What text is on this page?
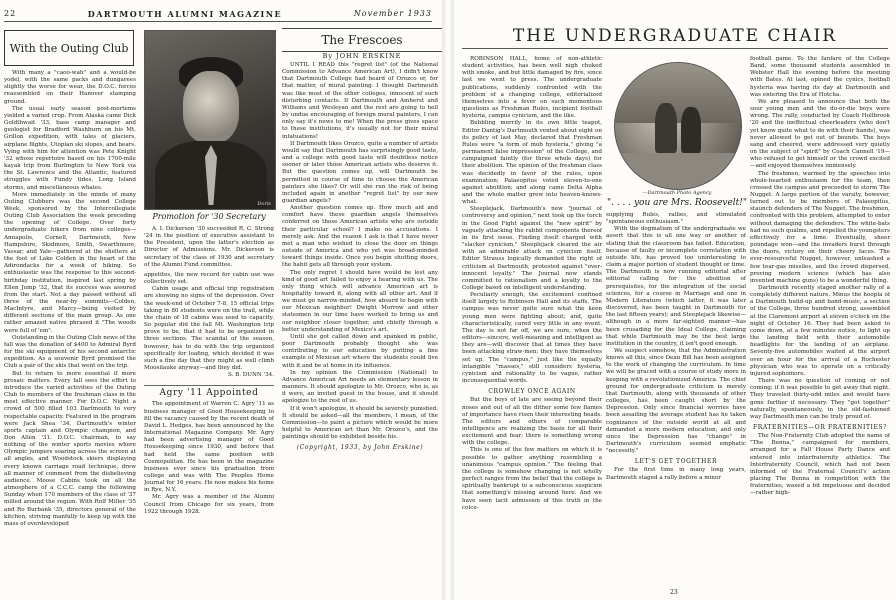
22	DARTMOUTH ALUMNI MAGAZINE	November 1933
With the Outing Club

With many a "caoo-wah" and a would-be yodel, with the same packs and dungarees slightly the worse for wear, the D.O.C. forces reassembled on their Hanover stamping ground.

The usual early season post-mortems yielded a varied crop. From Alaska came Dick Goldthwait '33, base camp manager and geologist for Bradford Washburn on his Mt. Grillon expedition, with tales of glaciers, airplane flights, Utopian ski slopes, and bears. Vying with him for attention was Pete Knight '32 whose repertoire based on his 1700-mile kayak trip from Burlington to New York via the St. Lawrence and the Atlantic, featured struggles with Fundy tides, Long Island storms, and miscellaneous whales.

More immediately in the minds of many Outing Clubbers was the second College Week, sponsored by the Intercollegiate Outing Club Association the week preceding the opening of College. Over forty undergraduate hikers from nine colleges—Annapolis, Cornell, Dartmouth, New Hampshire, Skidmore, Smith, Swarthmore, Vassar, and Yale—gathered at the shelters at the foot of Lake Colden in the heart of the Adirondacks for a week of hiking. So enthusiastic was the response to this second-birthday institution, inspired last spring by Ellen Jump '32, that its success was assured from the start. Not a day passed without all three of the near-by summits—Colden, MacIntyre, and Marcy—being visited by different sections of the main group. As one rather amazed native phrased it "The woods were full of 'em".

Outstanding in the Outing Club news of the fall was the donation of $400 to Admiral Byrd for the ski equipment of his second antarctic expedition. As a souvenir Byrd promised the Club a pair of the skis that went on the trip.

But to return to more essential if more prosaic matters. Every fall sees the effort to introduce the varied activities of the Outing Club to members of the freshman class in the most effective manner. For D.O.C. Night a crowd of 500 filled 103 Dartmouth to very respectable capacity. Featured in the program were Jack Shea '34, Dartmouth's winter sports captain and Olympic champion, and Don Allen '31. D.O.C. chairman, to say nothing of the winter sports movies where Olympic jumpers soaring across the screen at all angles, and Woodstock skiers displaying every known carriage road technique, drew all manner of comment from the disbelieving audience. Moose Cabins took on all the atmosphere of a C.C.C. camp the following Sunday when 170 members of the class of '37 milled around the region. With Rolf Miller '35 and Ro Burbank '35, directors general of the kitchen, striving manfully to keep up with the mass of overdeveloped

Doris
Promotion for '30 Secretary

A. I. Dickerson '30 succeeded R. C. Strong '24 in the position of executive assistant to the President, upon the latter's election as Director of Admissions. Mr. Dickerson is secretary of the class of 1930 and secretary of the Alumni Fund committee.

appetites, the new record for cabin use was collectively set.

Cabin usage and official trip registration are showing no signs of the depression. Over the week-end of October 7-8, 15 official trips taking in 80 students were on the trail, while the chain of 18 cabins was used to capacity. So popular did the fall Mt. Washington trip prove to be, that it had to be organized in three sections. The scandal of the season, however, has to do with the trip organized specifically for loafing, which decided it was such a fine day that they might as well climb Moosilauke anyway—and they did.

S. B. DUNN '34.
Agry '11 Appointed

The appointment of Warren C. Agry '11 as business manager of Good Housekeeping to fill the vacancy caused by the recent death of David L. Hedges, has been announced by the International Magazine Company. Mr. Agry had been advertising manager of Good Housekeeping since 1930, and before that had held the same position with Cosmopolitan. He has been in the magazine business ever since his graduation from college and was with The Peoples Home Journal for 16 years. He now makes his home in Rye, N.Y.

Mr. Agry was a member of the Alumni Council from Chicago for six years, from 1922 through 1928.

The Frescoes
By JOHN ERSKINE

UNTIL I READ this "regret list" (of the National Commission to Advance American Art), I didn't know that Dartmouth College had heard of Orozco or, for that matter, of mural painting. I thought Dartmouth was like most of the other colleges, innocent of such disturbing contacts. If Dartmouth and Amherst and Williams and Wesleyan and the rest are going to hell by undue encouraging of foreign mural painters, I can only say it's news to me! When the press gives space to these institutions, it's usually not for their mural infatuations!

If Dartmouth likes Orozco, quite a number of artists would say that Dartmouth has surprisingly good taste, and a college with good taste will doubtless notice sooner or later those American artists who deserve it. But the question comes up, will Dartmouth be permitted in course of time to choose the American painters she likes? Or will she run the risk of being included again in another "regret list" by our new guardian angels?

Another question comes up. How much aid and comfort have these guardian angels themselves conferred on those American artists who are outside their particular school? I make no accusations. I merely ask. And the reason I ask is that I have never met a man who wished to close the door on things outside of America and who yet was broad-minded toward things inside. Once you begin shutting doors, the habit gets all through your system.

The only regret I should have would be lest any kind of good art failed to enjoy a hearing with us. The only thing which will advance American art is hospitality toward it, along with all other art. And if we must go narrow-minded, how absurd to begin with our Mexican neighbor! Dwight Morrow and other statesmen in our time have worked to bring us and our neighbor closer together, and chiefly through a better understanding of Mexico's art.

Until she got called down and spanked in public, poor Dartmouth probably thought she was contributing to our education by putting a fine example of Mexican art where the students could live with it and be at home in its influence.

In my opinion the Commission (National) to Advance American Art needs an elementary lesson in manners. It should apologize to Mr. Orozco, who is, as it were, an invited guest in the house, and it should apologize to the rest of us.

If it won't apologize, it should be severely punished. It should be asked—all the members, I mean, of the Commission—to paint a picture which would be more helpful to American art than Mr. Orozco's, and the paintings should be exhibited beside his.

(Copyright, 1933, by John Erskine)
THE UNDERGRADUATE CHAIR

ROBINSON HALL, home of non-athletic student activities, has been well nigh choked with smoke, and but little damaged by fire, since last we went to press. The undergraduate publications, suddenly confronted with the problem of a changing college, editorialized themselves into a fever on such momentous questions as Freshman Rules, incipient football hysteria, campus cynicism, and the like.

Bubbling merrily in its own little teapot, Editor Dantig's Dartmouth vented about eight on its policy of last May, declared that Freshman Rules were "a form of mob hysteria," giving "a permanent false impression" of the College, and campaigned faintly (for three whole days) for their abolition. The opinion of the freshman class was decidedly in favor of the rules, upon examination; Palaeopitus voted eleven-to-one against abolition; and along came Delta Alpha and the whole matter grew into heaven-knows-what.

Steeplejack, Dartmouth's new "journal of controversy and opinion," next took up the torch in the Good Fight against the "new spirit" by vaguely attacking the rabbit components thereof in its first issue. Finding itself charged with "slacker cynicism," Steeplejack cleared the air with an admirable attack on cynicism itself. Editor Strauss logically demanded the right of criticism at Dartmouth, protested against "over-innocent loyalty." The Journal now stands committed to rationalism and a loyalty to the College based on intelligent understanding.

Peculiarly enough, the excitement confined itself largely to Robinson Hall and its staffs. The campus was never quite sure what the keen young men were fighting about; and, quite characteristically, cared very little in any event. The day is not far off, we are sure, when the editors—sincere, well-meaning and intelligent as they are—will discover that at times they have been attacking straw-men; they have themselves set up. The "campus," just like the equally intangible "masses," still considers hysteria, cynicism and rationality to be vague, rather inconsequential words.

CROWLEY ONCE AGAIN

But the boys of late are seeing beyond their noses and out of all the dither some few flames of importance have risen their interesting heads. The editors and others of comparable intelligence are realizing the basis for all their excitement and fear: there is something wrong with the college.

This is one of the few matters on which it is possible to gather anything resembling a unanimous "campus opinion." The feeling that the college is somehow changing is not wholly perfect ranges from the belief that the college is spiritually bankrupt to a subconscious suspicion that something's missing around here. And we have seen tacit admission of this truth in the colce-

—Dartmouth Photo Agency
". . . . you are Mrs. Roosevelt!"

supplying Rules, rallies, and stimulated "spontaneous enthusiasm."

With the dogmatism of the undergraduate we assert that this is all one way or another of stating that the classroom has failed. Education, because of faulty or incomplete correlation with outside life, has proved too uninteresting to claim a major portion of student thought or time. The Dartmouth is now running editorial after editorial calling for the abolition of prerequisites, for the integration of the social sciences, for a course in Marriage and one in Modern Literature (which latter, it was later discovered, has been taught in Dartmouth for the last fifteen years); and Steeplejack likewise—although in a more far-sighted manner—has been crusading for the Ideal College, claiming that while Dartmouth may be the best large institution in the country, it isn't good enough.

We suspect somehow, that the Administration knows all this, since Dean Bill has been assigned to the work of changing the curriculum. In time we will be graced with a course of study more in keeping with a revolutionized America. The chief ground for undergraduate criticism is merely that Dartmouth, along with thousands of other colleges, has been caught short by the Depression. Only since financial worries have been assailing the average student has he taken cognizance of the outside world at all and demanded a more modern education; and only since the Depression has "change" in Dartmouth's curriculum seemed emphatic "necessity."

LET'S GET TOGETHER

For the first time in many long years, Dartmouth staged a rally before a minor

football game. To the fanfare of the College Band, some thousand students assembled in Webster Hall the evening before the meeting with Bates. At last, opined the cynics, football hysteria was having its day at Dartmouth and was entering the Era of Hotcha.

We are pleased to announce that both the sour young men and the do-or-die boys were wrong. The rally, conducted by Coach Hollbrook '20 and the ineffectual cheerleaders (who don't yet know quite what to do with their hands), was never allowed to get out of bounds. The boys sang and cheered, were addressed very quietly on the subject of "spirit" by Coach Cannell '19—who refused to get himself or the crowd excited—and enjoyed themselves immensely.

The freshmen, warmed by the speeches into whole-hearted enthusiasm for the team, then crossed the campus and proceeded to storm The Nugget. A large portion of the varsity, however, turned out to be members of Palaeopitus, staunch defenders of The Nugget. The freshmen, confronted with this problem, attempted to enter without damaging the defenders. The white-bats had no such qualms, and repelled the youngsters effectively for a time. Eventually, sheer poundage won—and the invaders burst through the doors, victory on their cheery faces. The ever-resourceful Nugget, however, unleashed a few tear-gas missiles, and the crowd dispersed, proving modern science (which has also invented machine guns) to be a wonderful thing.

Dartmouth recently staged another rally of a completely different nature. Minus the hoopla of a Dartmouth build-up and band-music, a section of the College, three hundred strong, assembled at the Claremont airport at eleven o'clock on the night of October 16. They had been asked to come down, at a few minutes notice, to light up the landing field with their automobile headlights for the landing of an airplane. Seventy-five automobiles waited at the airport over an hour for the arrival of a Rochester physician who was to operate on a critically injured sophomore.

There was no question of coming or not coming; if it was possible to get away that night. They traveled thirty-odd miles and would have gone further if necessary. They "got together" naturally, spontaneously, in the old-fashioned way Dartmouth men can be truly proud of.

FRATERNITIES—OR FRATERNITIES?

The Non-Fraternity Club adopted the name of "The Benna," campaigned for members, arranged for a Fall House Party Dance and entered into interfraternity athletics. The Interfraternity Council, which had not been informed of the Fraternal Council's action placing The Benna in competition with the fraternities, waxed a bit impetuous and decided—rather high-

23
